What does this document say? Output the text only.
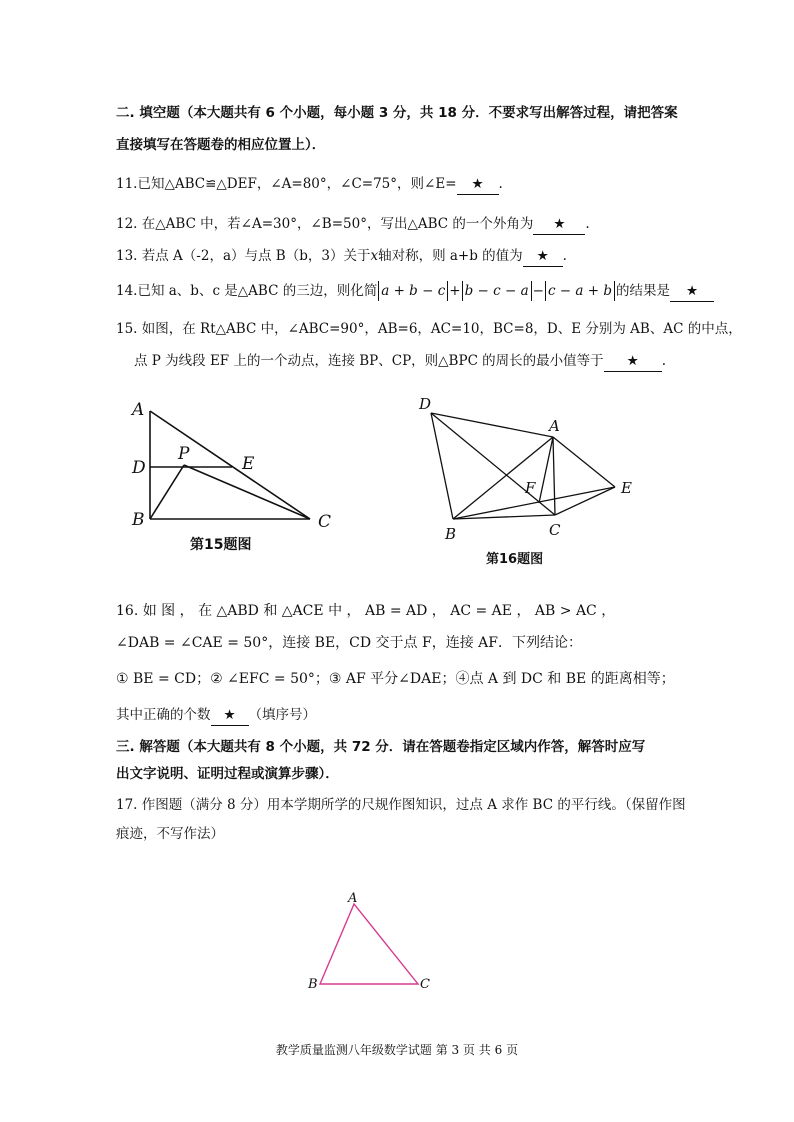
二. 填空题（本大题共有 6 个小题，每小题 3 分，共 18 分．不要求写出解答过程，请把答案
直接填写在答题卷的相应位置上）．
11.已知△ABC≌△DEF，∠A=80°，∠C=75°，则∠E= ★ .
12. 在△ABC 中，若∠A=30°，∠B=50°，写出△ABC 的一个外角为 ★ .
13. 若点 A（-2，a）与点 B（b，3）关于x轴对称，则 a+b 的值为 ★ .
14.已知 a、b、c 是△ABC 的三边，则化简 a + b − c + b − c − a − c − a + b 的结果是 ★
15. 如图，在 Rt△ABC 中，∠ABC=90°，AB=6，AC=10，BC=8，D、E 分别为 AB、AC 的中点，
点 P 为线段 EF 上的一个动点，连接 BP、CP，则△BPC 的周长的最小值等于 ★ .
A
D
B
P	E
C
第15题图
D
A
F	E
B	C
第16题图
16. 如 图 ， 在 △ABD 和 △ACE 中 ， AB = AD ， AC = AE ， AB > AC ，
∠DAB = ∠CAE = 50°，连接 BE，CD 交于点 F，连接 AF．下列结论：
① BE = CD；② ∠EFC = 50°；③ AF 平分∠DAE；④点 A 到 DC 和 BE 的距离相等；
其中正确的个数 ★ （填序号）
三. 解答题（本大题共有 8 个小题，共 72 分．请在答题卷指定区域内作答，解答时应写
出文字说明、证明过程或演算步骤）．
17. 作图题（满分 8 分）用本学期所学的尺规作图知识，过点 A 求作 BC 的平行线。（保留作图
痕迹，不写作法）
A
B	C
教学质量监测八年级数学试题 第 3 页 共 6 页
